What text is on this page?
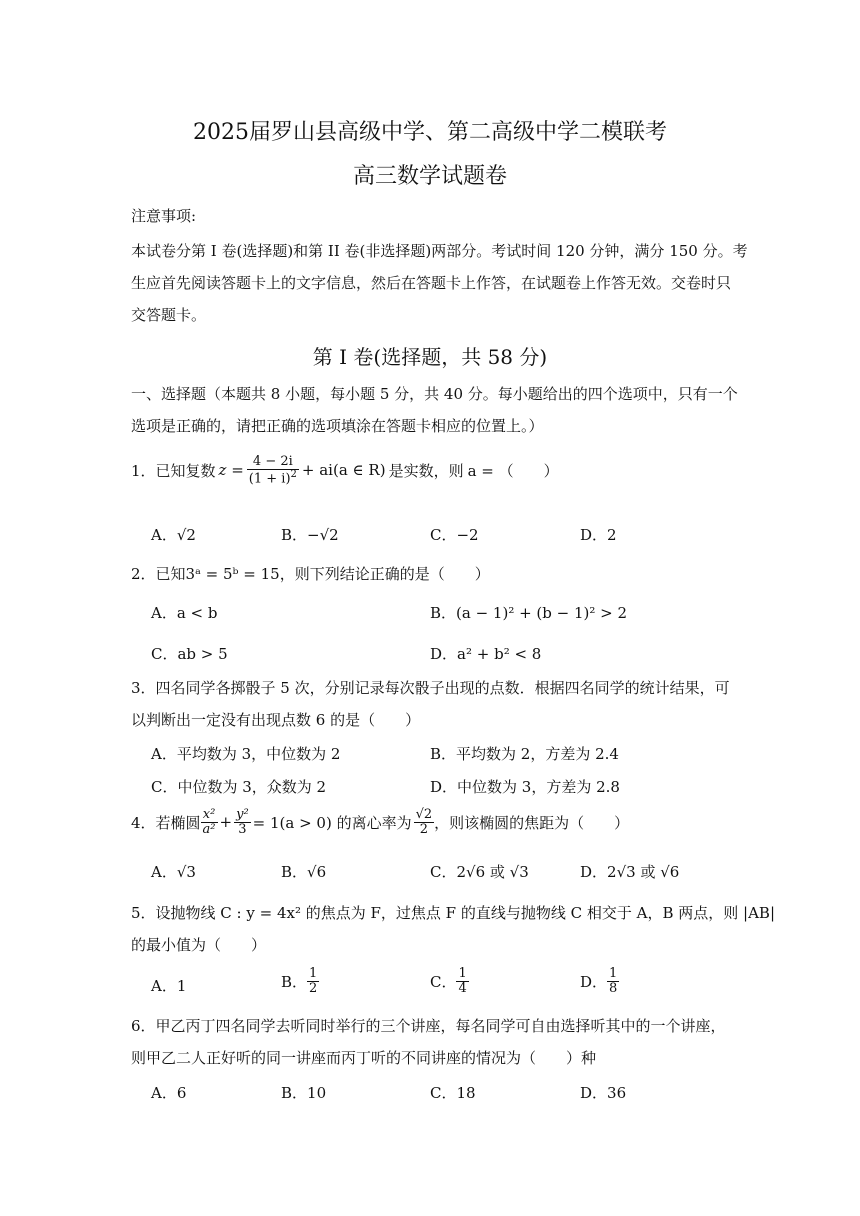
2025届罗山县高级中学、第二高级中学二模联考
高三数学试题卷
注意事项:
本试卷分第 I 卷(选择题)和第 II 卷(非选择题)两部分。考试时间 120 分钟，满分 150 分。考
生应首先阅读答题卡上的文字信息，然后在答题卡上作答，在试题卷上作答无效。交卷时只
交答题卡。
第 I 卷(选择题，共 58 分)
一、选择题（本题共 8 小题，每小题 5 分，共 40 分。每小题给出的四个选项中，只有一个
选项是正确的，请把正确的选项填涂在答题卡相应的位置上。）
1．已知复数 $z = \frac{4 - 2i}{(1 + i)^2} + ai(a$ ∈ R) 是实数，则 a = （　　）
A．√2	B．−√2	C．−2	D．2
2．已知3ᵃ = 5ᵇ = 15，则下列结论正确的是（　　）
A．a < b	B．(a − 1)² + (b − 1)² > 2
C．ab > 5	D．a² + b² < 8
3．四名同学各掷骰子 5 次，分别记录每次骰子出现的点数．根据四名同学的统计结果，可
以判断出一定没有出现点数 6 的是（　　）
A．平均数为 3，中位数为 2	B．平均数为 2，方差为 2.4
C．中位数为 3，众数为 2	D．中位数为 3，方差为 2.8
4．若椭圆 $\frac{\text{x²}}{\text{a²}} + \frac{\text{y²}}{3} = 1(a > 0)$ 的离心率为 $\frac{√2}{2}$ ，则该椭圆的焦距为（　　）
A．√3	B．√6	C．2√6 或 √3	D．2√3 或 √6
5．设抛物线 C : y = 4x² 的焦点为 F，过焦点 F 的直线与抛物线 C 相交于 A，B 两点，则 |AB|
的最小值为（　　）
A．1	B． $\frac{1}{2}$	C． $\frac{1}{4}$	D． $\frac{1}{8}$
6．甲乙丙丁四名同学去听同时举行的三个讲座，每名同学可自由选择听其中的一个讲座，
则甲乙二人正好听的同一讲座而丙丁听的不同讲座的情况为（　　）种
A．6	B．10	C．18	D．36
